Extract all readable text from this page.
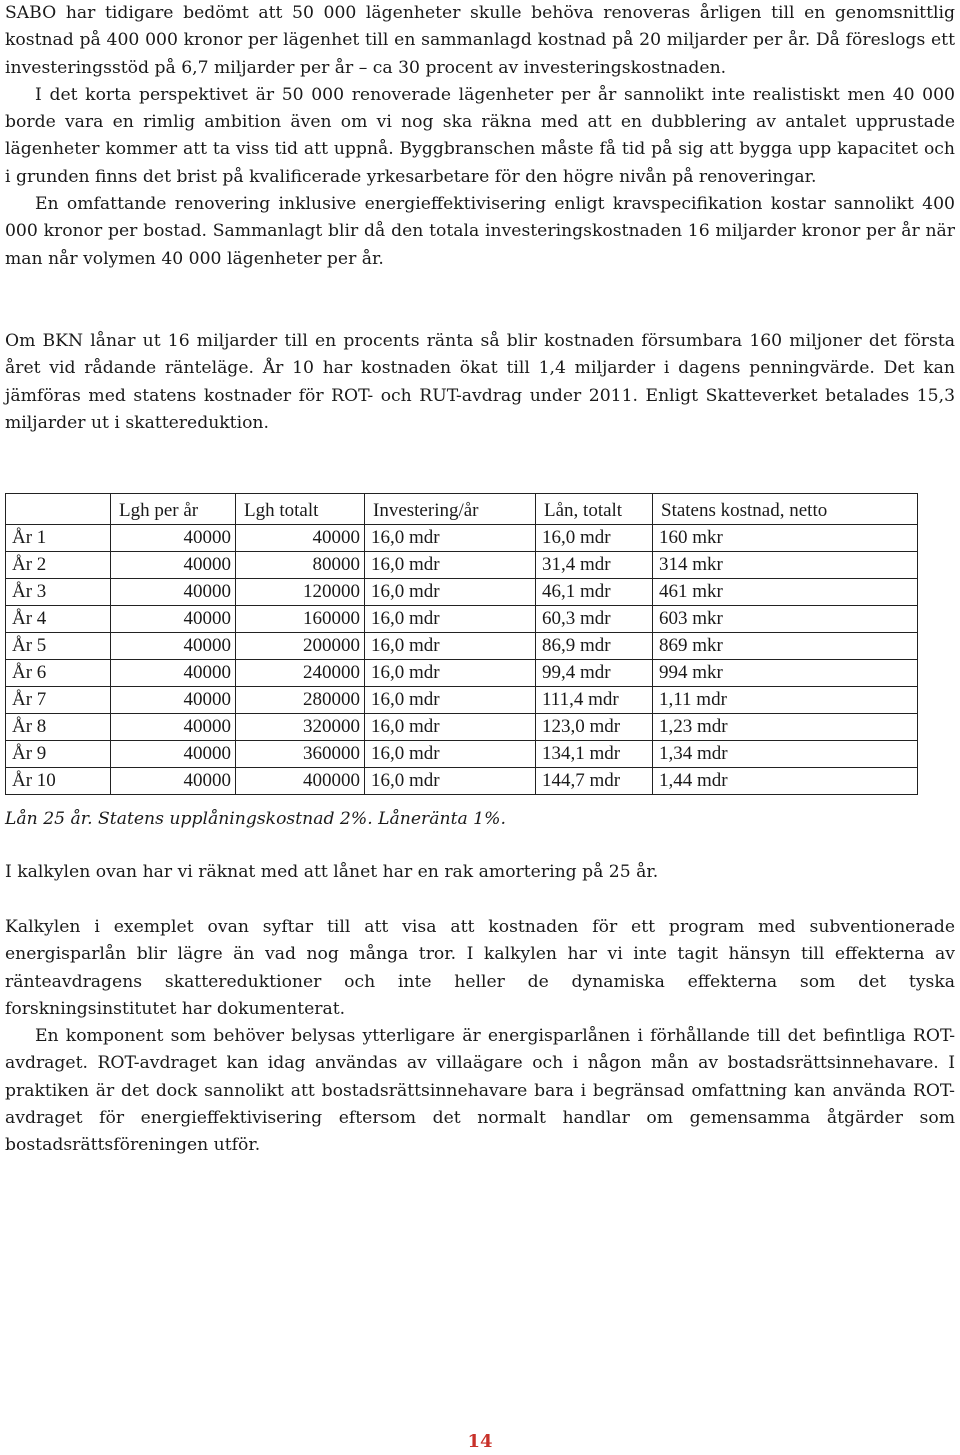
SABO har tidigare bedömt att 50 000 lägenheter skulle behöva renoveras årligen till en genomsnittlig kostnad på 400 000 kronor per lägenhet till en sammanlagd kostnad på 20 miljarder per år. Då föreslogs ett investeringsstöd på 6,7 miljarder per år – ca 30 procent av investeringskostnaden.

I det korta perspektivet är 50 000 renoverade lägenheter per år sannolikt inte realistiskt men 40 000 borde vara en rimlig ambition även om vi nog ska räkna med att en dubblering av antalet upprustade lägenheter kommer att ta viss tid att uppnå. Byggbranschen måste få tid på sig att bygga upp kapacitet och i grunden finns det brist på kvalificerade yrkesarbetare för den högre nivån på renoveringar.

En omfattande renovering inklusive energieffektivisering enligt kravspecifikation kostar sannolikt 400 000 kronor per bostad. Sammanlagt blir då den totala investeringskostnaden 16 miljarder kronor per år när man når volymen 40 000 lägenheter per år.

Om BKN lånar ut 16 miljarder till en procents ränta så blir kostnaden försumbara 160 miljoner det första året vid rådande ränteläge. År 10 har kostnaden ökat till 1,4 miljarder i dagens penningvärde. Det kan jämföras med statens kostnader för ROT- och RUT-avdrag under 2011. Enligt Skatteverket betalades 15,3 miljarder ut i skattereduktion.

	Lgh per år	Lgh totalt	Investering/år	Lån, totalt	Statens kostnad, netto
År 1	40000	40000	16,0 mdr	16,0 mdr	160 mkr
År 2	40000	80000	16,0 mdr	31,4 mdr	314 mkr
År 3	40000	120000	16,0 mdr	46,1 mdr	461 mkr
År 4	40000	160000	16,0 mdr	60,3 mdr	603 mkr
År 5	40000	200000	16,0 mdr	86,9 mdr	869 mkr
År 6	40000	240000	16,0 mdr	99,4 mdr	994 mkr
År 7	40000	280000	16,0 mdr	111,4 mdr	1,11 mdr
År 8	40000	320000	16,0 mdr	123,0 mdr	1,23 mdr
År 9	40000	360000	16,0 mdr	134,1 mdr	1,34 mdr
År 10	40000	400000	16,0 mdr	144,7 mdr	1,44 mdr
Lån 25 år. Statens upplåningskostnad 2%. Låneränta 1%.

I kalkylen ovan har vi räknat med att lånet har en rak amortering på 25 år.

Kalkylen i exemplet ovan syftar till att visa att kostnaden för ett program med subventionerade energisparlån blir lägre än vad nog många tror. I kalkylen har vi inte tagit hänsyn till effekterna av ränteavdragens skattereduktioner och inte heller de dynamiska effekterna som det tyska forskningsinstitutet har dokumenterat.

En komponent som behöver belysas ytterligare är energisparlånen i förhållande till det befintliga ROT-avdraget. ROT-avdraget kan idag användas av villaägare och i någon mån av bostadsrättsinnehavare. I praktiken är det dock sannolikt att bostadsrättsinnehavare bara i begränsad omfattning kan använda ROT-avdraget för energieffektivisering eftersom det normalt handlar om gemensamma åtgärder som bostadsrättsföreningen utför.

14
